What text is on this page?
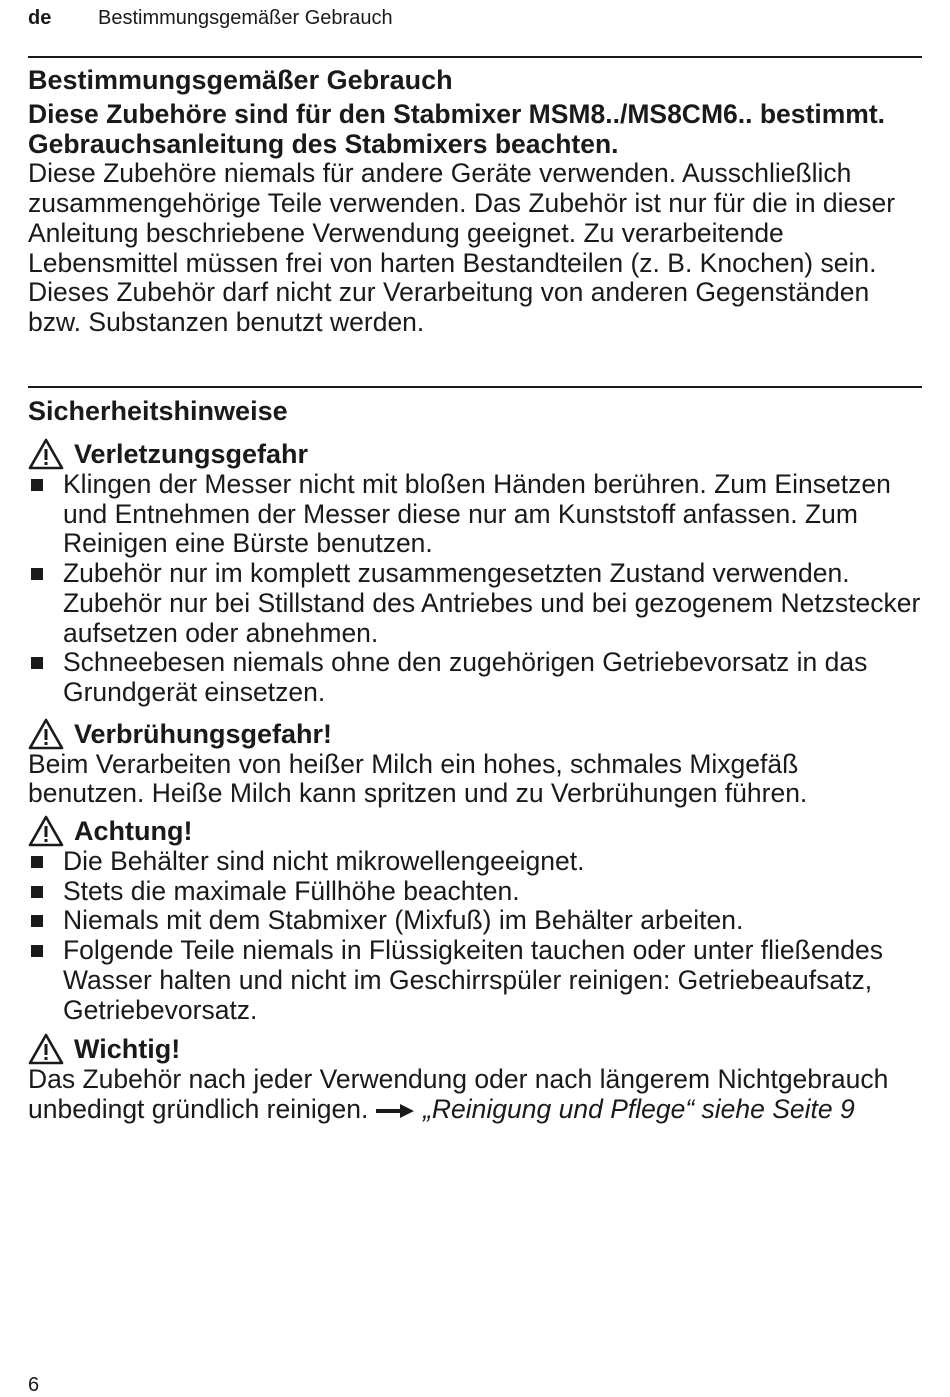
de Bestimmungsgemäßer Gebrauch
Bestimmungsgemäßer Gebrauch

Diese Zubehöre sind für den Stabmixer MSM8../MS8CM6.. bestimmt. Gebrauchsanleitung des Stabmixers beachten.

Diese Zubehöre niemals für andere Geräte verwenden. Ausschließlich zusammengehörige Teile verwenden. Das Zubehör ist nur für die in dieser Anleitung beschriebene Verwendung geeignet. Zu verarbeitende Lebensmittel müssen frei von harten Bestandteilen (z. B. Knochen) sein. Dieses Zubehör darf nicht zur Verarbeitung von anderen Gegenständen bzw. Substanzen benutzt werden.

Sicherheitshinweise
Verletzungsgefahr
Klingen der Messer nicht mit bloßen Händen berühren. Zum Einsetzen und Entnehmen der Messer diese nur am Kunststoff anfassen. Zum Reinigen eine Bürste benutzen.
Zubehör nur im komplett zusammengesetzten Zustand verwenden. Zubehör nur bei Stillstand des Antriebes und bei gezogenem Netzstecker aufsetzen oder abnehmen.
Schneebesen niemals ohne den zugehörigen Getriebevorsatz in das Grundgerät einsetzen.
Verbrühungsgefahr!

Beim Verarbeiten von heißer Milch ein hohes, schmales Mixgefäß benutzen. Heiße Milch kann spritzen und zu Verbrühungen führen.

Achtung!
Die Behälter sind nicht mikrowellengeeignet.
Stets die maximale Füllhöhe beachten.
Niemals mit dem Stabmixer (Mixfuß) im Behälter arbeiten.
Folgende Teile niemals in Flüssigkeiten tauchen oder unter fließendes Wasser halten und nicht im Geschirrspüler reinigen: Getriebeaufsatz, Getriebevorsatz.
Wichtig!

Das Zubehör nach jeder Verwendung oder nach längerem Nichtgebrauch unbedingt gründlich reinigen. „Reinigung und Pflege“ siehe Seite 9

6
